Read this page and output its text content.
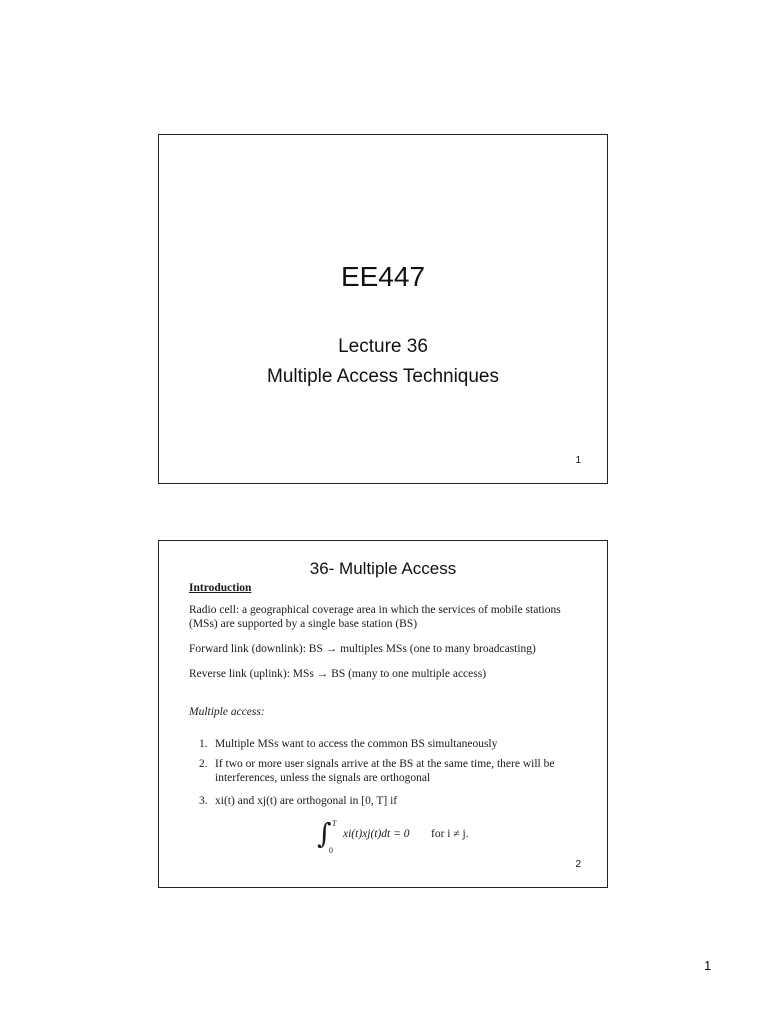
EE447
Lecture 36
Multiple Access Techniques
1
36- Multiple Access
Introduction
Radio cell: a geographical coverage area in which the services of mobile stations (MSs) are supported by a single base station (BS)
Forward link (downlink): BS → multiples MSs (one to many broadcasting)
Reverse link (uplink): MSs → BS (many to one multiple access)
Multiple access:
1. Multiple MSs want to access the common BS simultaneously
2. If two or more user signals arrive at the BS at the same time, there will be interferences, unless the signals are orthogonal
3. xi(t) and xj(t) are orthogonal in [0, T] if
∫ T
0
xi(t)xj(t)dt = 0 for i ≠ j.
2
1
